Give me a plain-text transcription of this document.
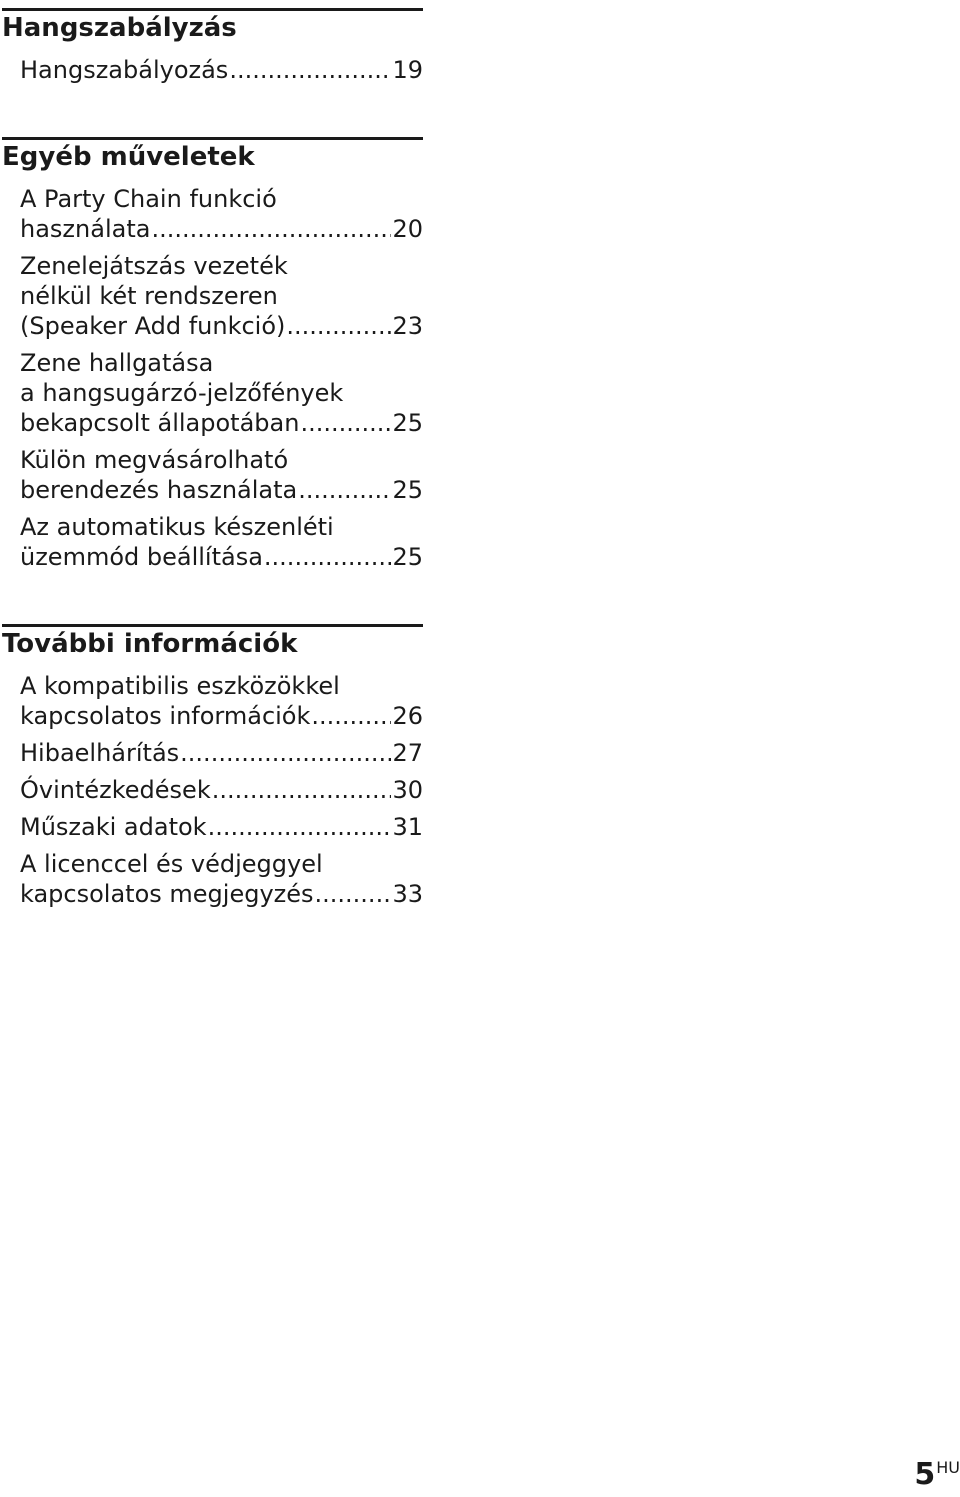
Hangszabályzás
Hangszabályozás .....	19
Egyéb műveletek
A Party Chain funkció
használata .....	20
Zenelejátszás vezeték
nélkül két rendszeren
(Speaker Add funkció) .....	23
Zene hallgatása
a hangsugárzó-jelzőfények
bekapcsolt állapotában .....	25
Külön megvásárolható
berendezés használata .....	25
Az automatikus készenléti
üzemmód beállítása .....	25
További információk
A kompatibilis eszközökkel
kapcsolatos információk .....	26
Hibaelhárítás .....	27
Óvintézkedések .....	30
Műszaki adatok .....	31
A licenccel és védjeggyel
kapcsolatos megjegyzés .....	33
5 HU
